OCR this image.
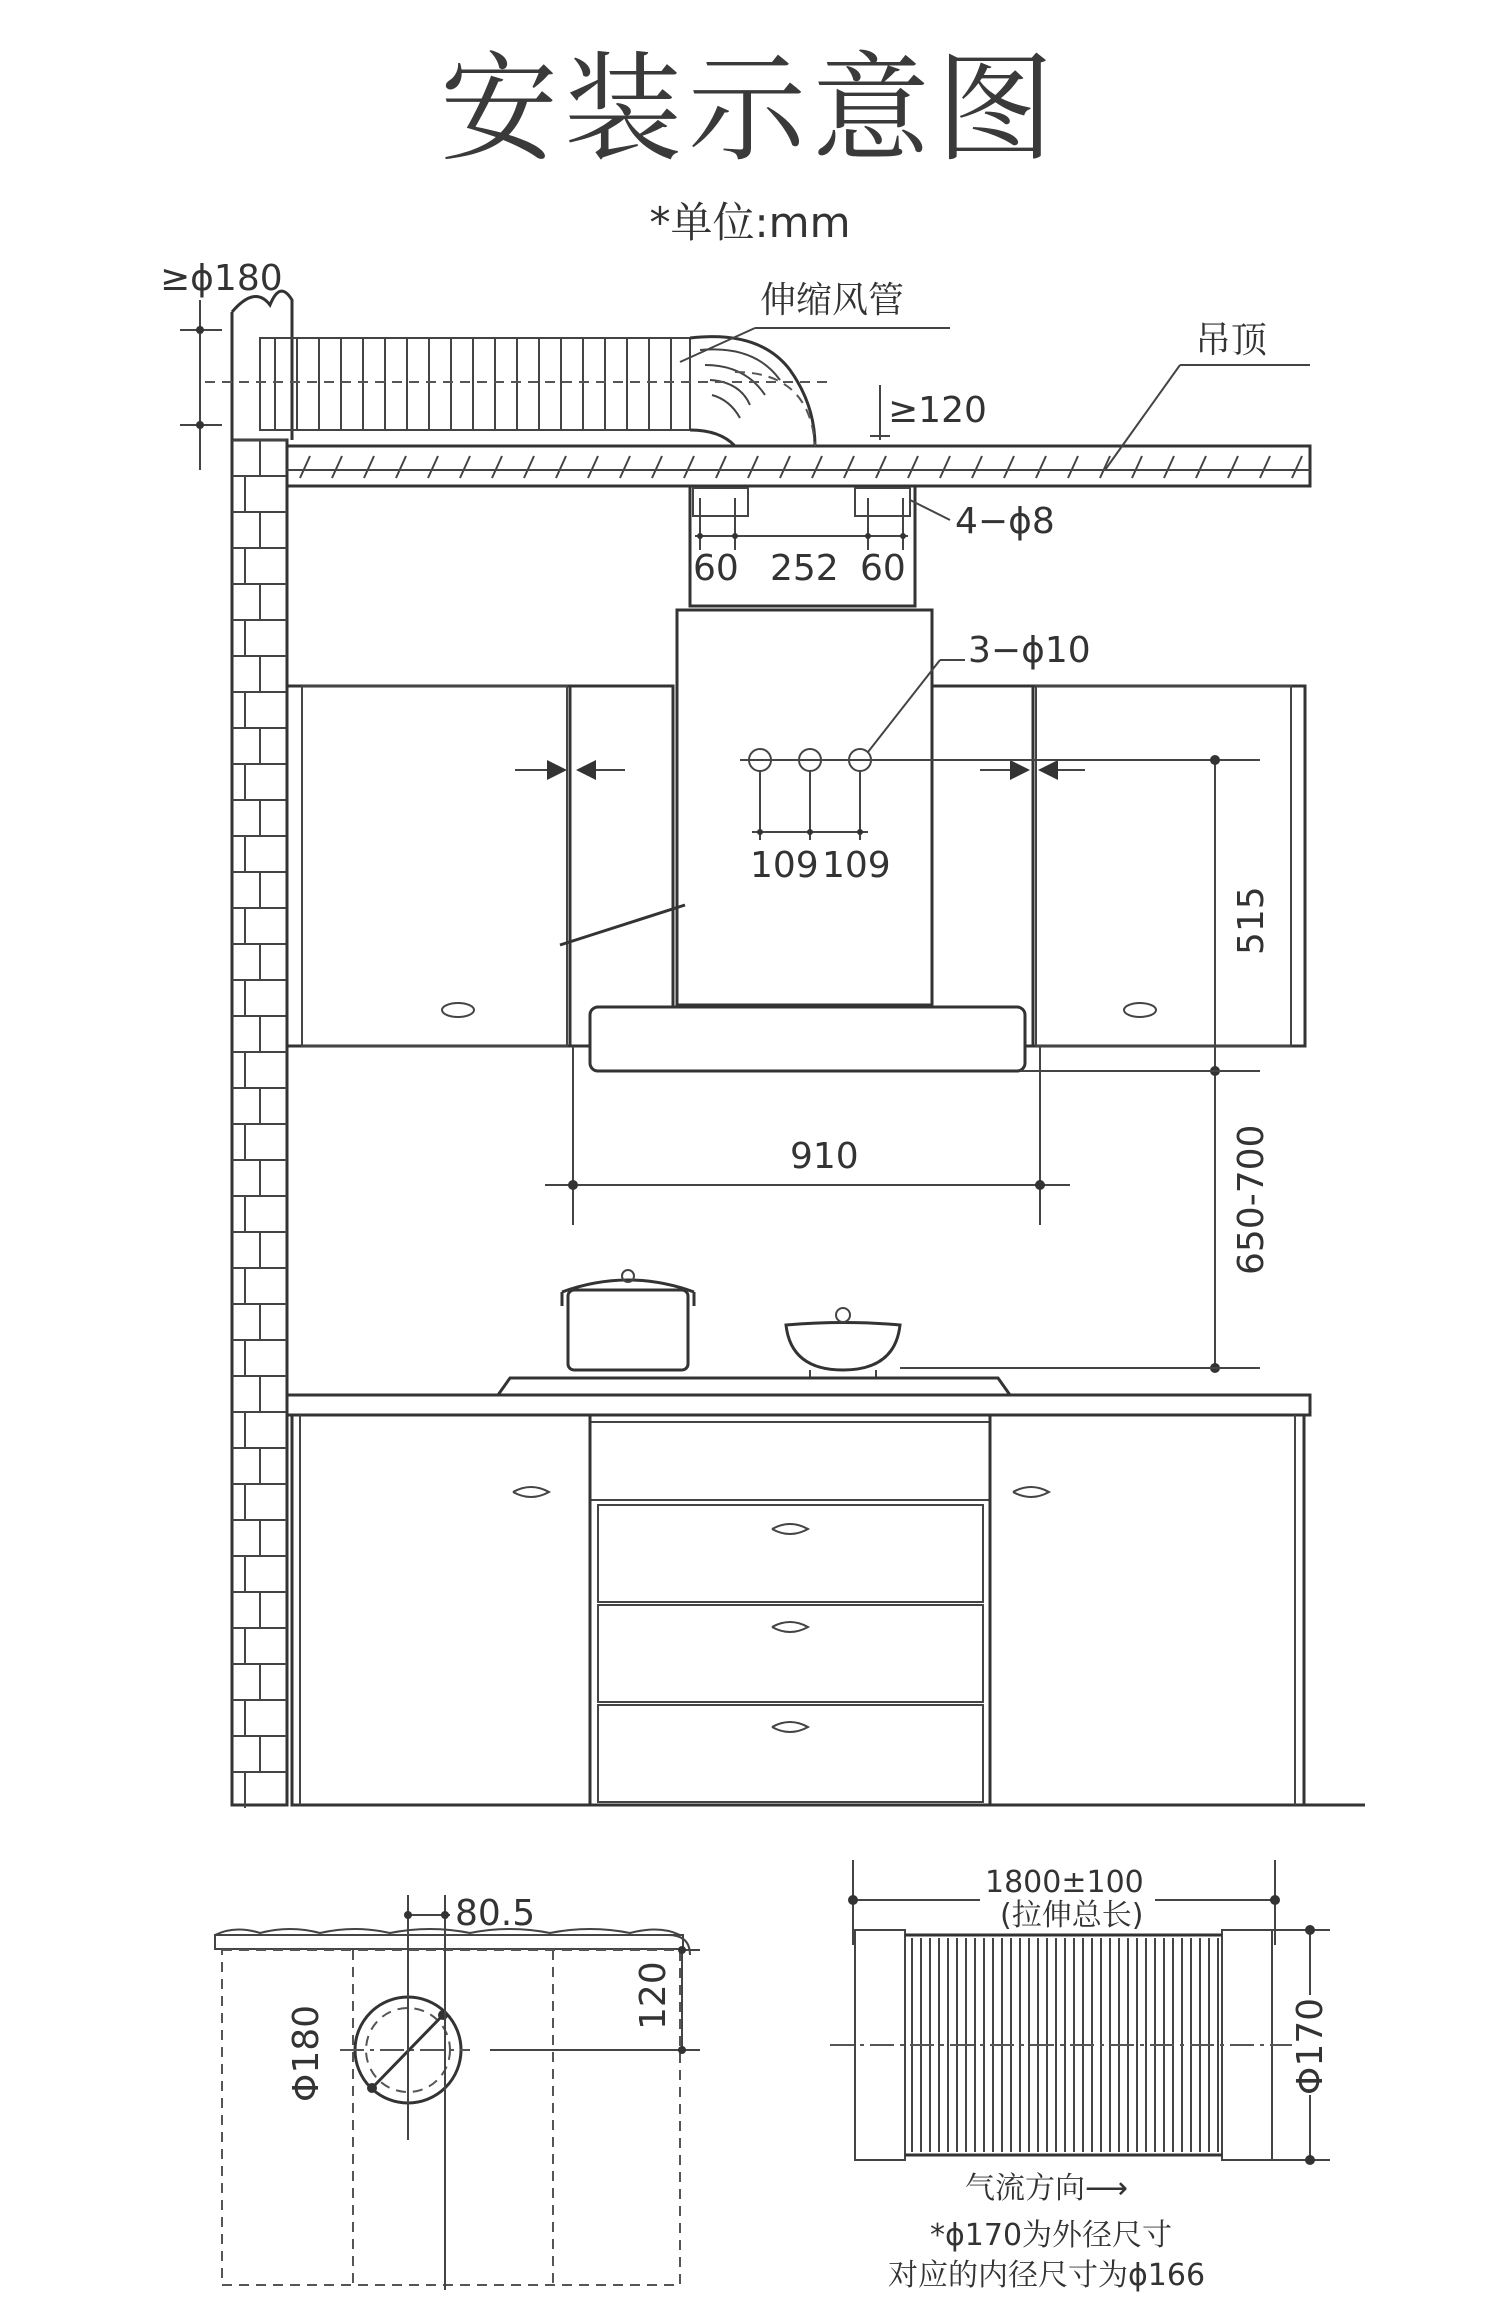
安装示意图
*单位:mm
≥ϕ180
伸缩风管
吊顶
≥120
4−ϕ8
60 252 60
3−ϕ10
109 109
910
515
650-700
80.5
Φ180
120
1800±100
(拉伸总长)
Φ170
气流方向⟶
*ϕ170为外径尺寸
对应的内径尺寸为ϕ166
